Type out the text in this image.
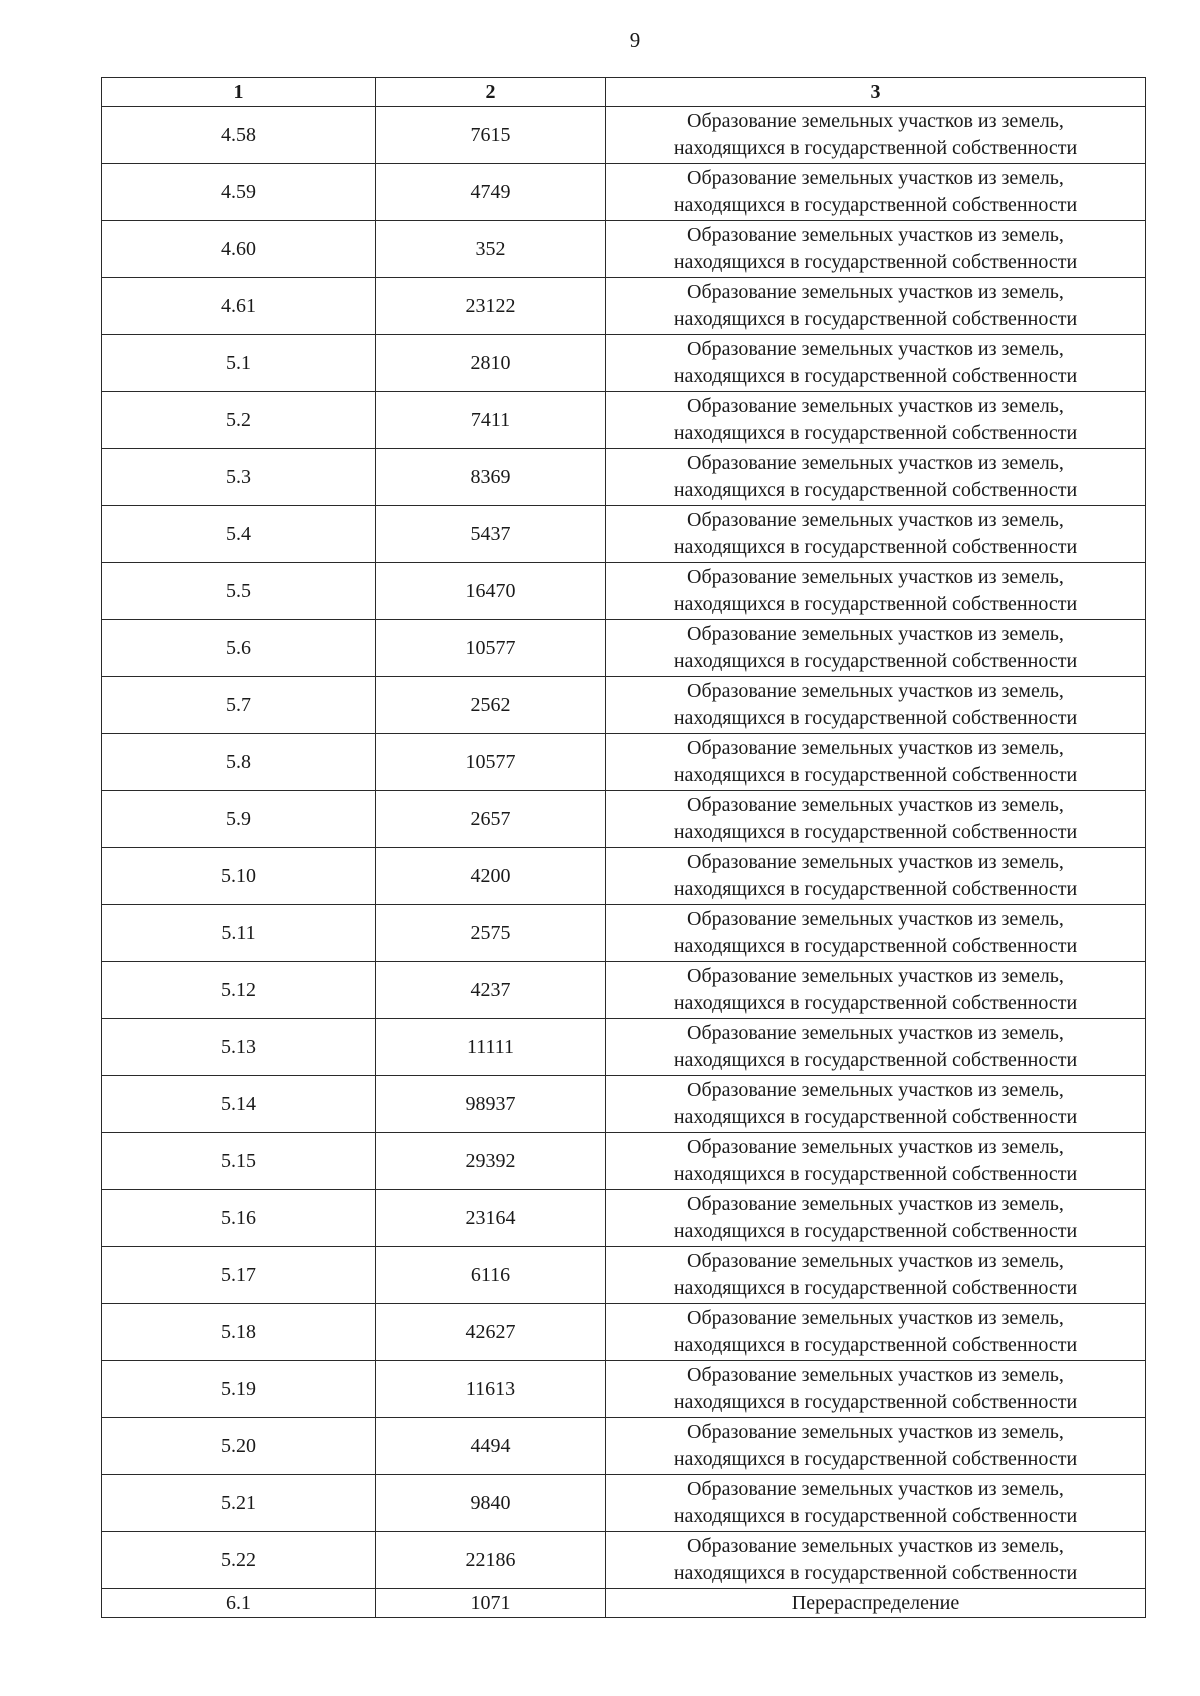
9
1	2	3
4.58	7615	Образование земельных участков из земель,
находящихся в государственной собственности

4.59	4749	Образование земельных участков из земель,
находящихся в государственной собственности

4.60	352	Образование земельных участков из земель,
находящихся в государственной собственности

4.61	23122	Образование земельных участков из земель,
находящихся в государственной собственности

5.1	2810	Образование земельных участков из земель,
находящихся в государственной собственности

5.2	7411	Образование земельных участков из земель,
находящихся в государственной собственности

5.3	8369	Образование земельных участков из земель,
находящихся в государственной собственности

5.4	5437	Образование земельных участков из земель,
находящихся в государственной собственности

5.5	16470	Образование земельных участков из земель,
находящихся в государственной собственности

5.6	10577	Образование земельных участков из земель,
находящихся в государственной собственности

5.7	2562	Образование земельных участков из земель,
находящихся в государственной собственности

5.8	10577	Образование земельных участков из земель,
находящихся в государственной собственности

5.9	2657	Образование земельных участков из земель,
находящихся в государственной собственности

5.10	4200	Образование земельных участков из земель,
находящихся в государственной собственности

5.11	2575	Образование земельных участков из земель,
находящихся в государственной собственности

5.12	4237	Образование земельных участков из земель,
находящихся в государственной собственности

5.13	11111	Образование земельных участков из земель,
находящихся в государственной собственности

5.14	98937	Образование земельных участков из земель,
находящихся в государственной собственности

5.15	29392	Образование земельных участков из земель,
находящихся в государственной собственности

5.16	23164	Образование земельных участков из земель,
находящихся в государственной собственности

5.17	6116	Образование земельных участков из земель,
находящихся в государственной собственности

5.18	42627	Образование земельных участков из земель,
находящихся в государственной собственности

5.19	11613	Образование земельных участков из земель,
находящихся в государственной собственности

5.20	4494	Образование земельных участков из земель,
находящихся в государственной собственности

5.21	9840	Образование земельных участков из земель,
находящихся в государственной собственности

5.22	22186	Образование земельных участков из земель,
находящихся в государственной собственности

6.1	1071	Перераспределение
